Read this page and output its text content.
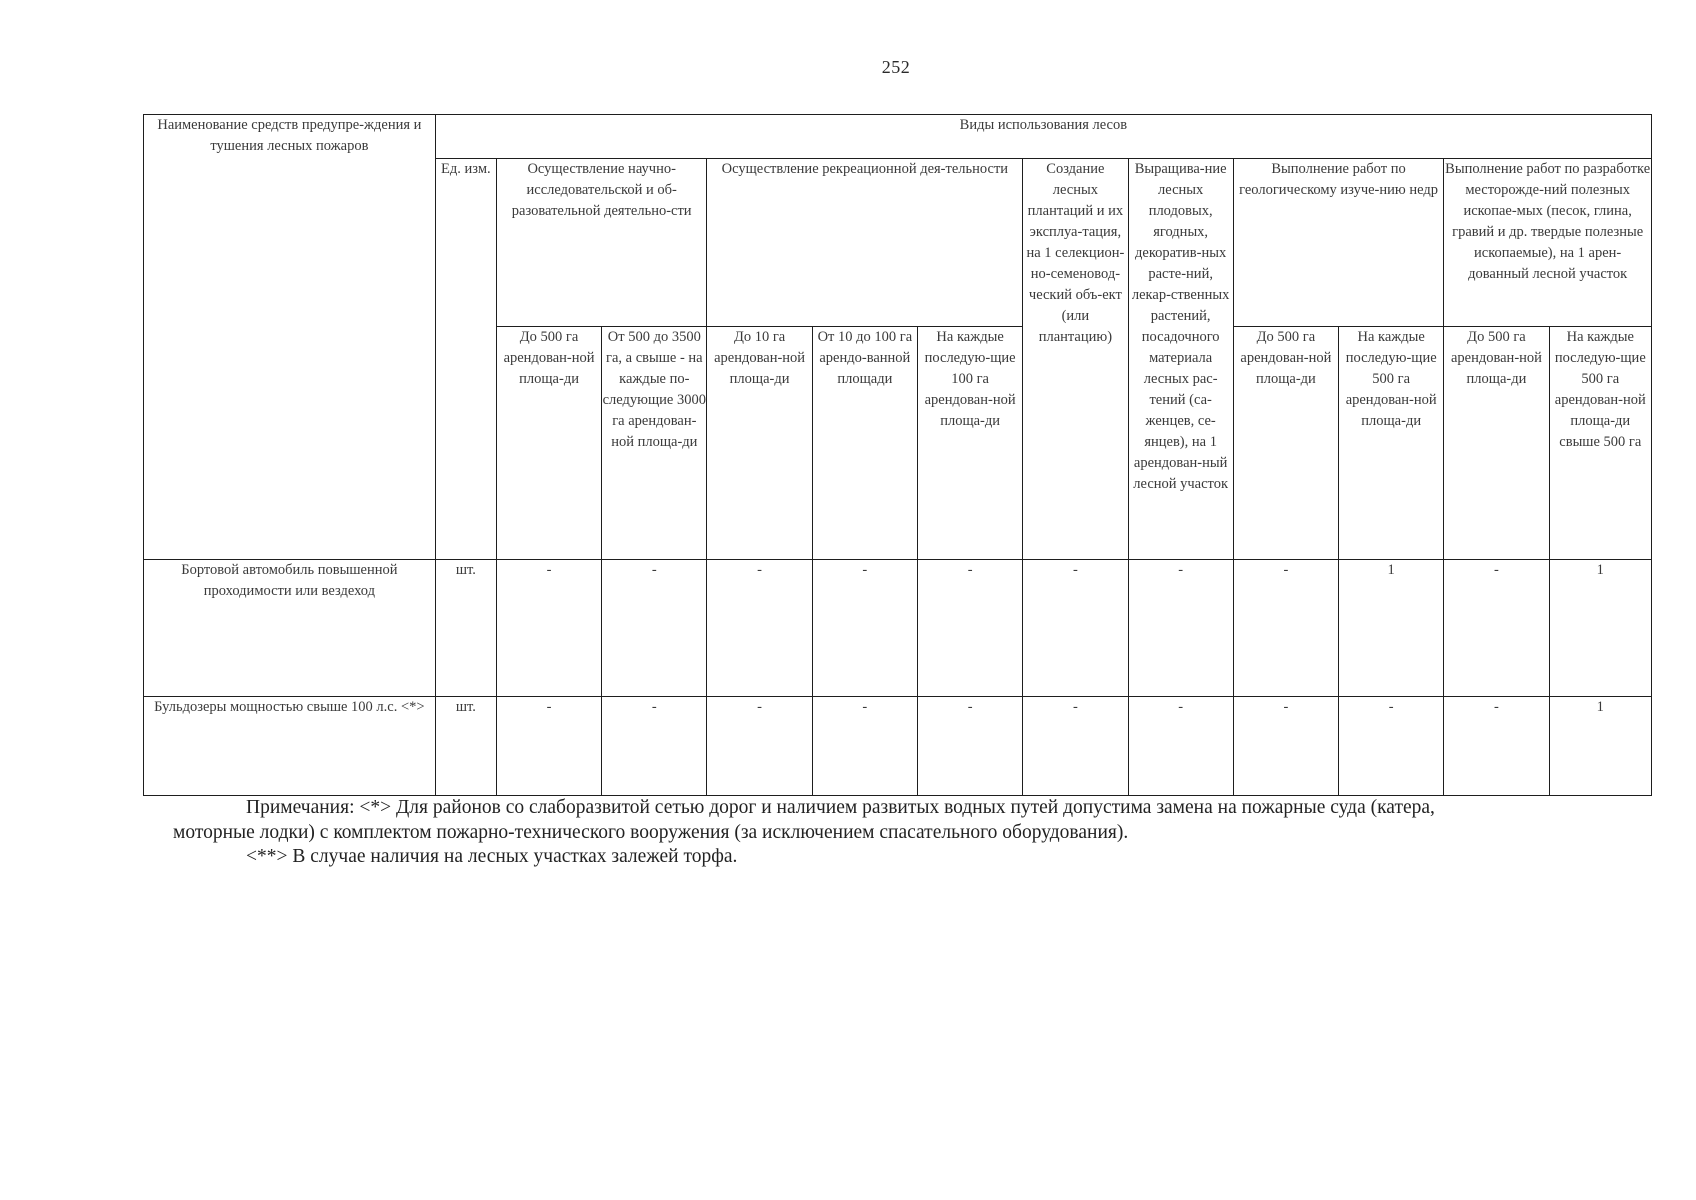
252
Наименование средств предупре-ждения и тушения лесных пожаров	Виды использования лесов											
	Ед. изм.	Осуществление научно-исследовательской и об-разовательной деятельно-сти		Осуществление рекреационной дея-тельности			Создание лесных плантаций и их эксплуа-тация, на 1 селекцион-но-семеновод-ческий объ-ект (или плантацию)	Выращива-ние лесных плодовых, ягодных, декоратив-ных расте-ний, лекар-ственных растений, посадочного материала лесных рас-тений (са-женцев, се-янцев), на 1 арендован-ный лесной участок	Выполнение работ по геологическому изуче-нию недр		Выполнение работ по разработке месторожде-ний полезных ископае-мых (песок, глина, гравий и др. твердые полезные ископаемые), на 1 арен-дованный лесной участок	
		До 500 га арендован-ной площа-ди	От 500 до 3500 га, а свыше - на каждые по-следующие 3000 га арендован-ной площа-ди	До 10 га арендован-ной площа-ди	От 10 до 100 га арендо-ванной площади	На каждые последую-щие 100 га арендован-ной площа-ди			До 500 га арендован-ной площа-ди	На каждые последую-щие 500 га арендован-ной площа-ди	До 500 га арендован-ной площа-ди	На каждые последую-щие 500 га арендован-ной площа-ди свыше 500 га
Бортовой автомобиль повышенной проходимости или вездеход	шт.	-	-	-	-	-	-	-	-	1	-	1
Бульдозеры мощностью свыше 100 л.с. <*>	шт.	-	-	-	-	-	-	-	-	-	-	1

Примечания: <*> Для районов со слаборазвитой сетью дорог и наличием развитых водных путей допустима замена на пожарные суда (катера,

моторные лодки) с комплектом пожарно-технического вооружения (за исключением спасательного оборудования).

<**> В случае наличия на лесных участках залежей торфа.
